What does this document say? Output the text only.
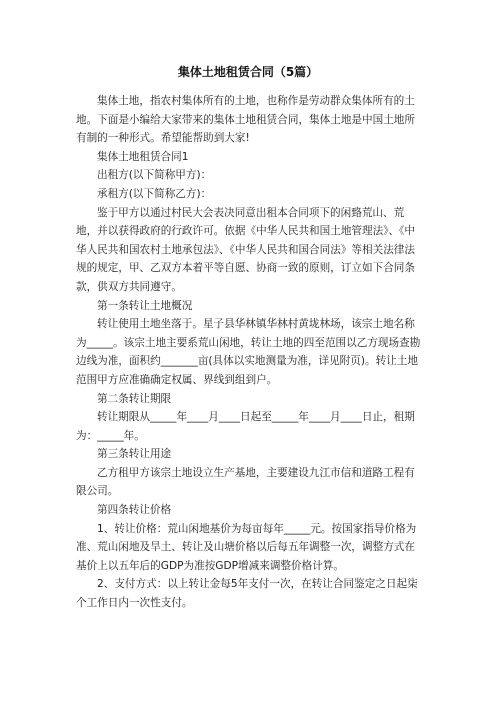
集体土地租赁合同（5篇）

集体土地，指农村集体所有的土地，也称作是劳动群众集体所有的土地。下面是小编给大家带来的集体土地租赁合同，集体土地是中国土地所有制的一种形式。希望能帮助到大家!

集体土地租赁合同1

出租方(以下简称甲方)：

承租方(以下简称乙方)：

鉴于甲方以通过村民大会表决同意出租本合同项下的闲臵荒山、荒地，并以获得政府的行政许可。依据《中华人民共和国土地管理法》、《中华人民共和国农村土地承包法》、《中华人民共和国合同法》等相关法律法规的规定，甲、乙双方本着平等自愿、协商一致的原则，订立如下合同条款，供双方共同遵守。

第一条转让土地概况

转让使用土地坐落于。星子县华林镇华林村黄垅林场，该宗土地名称为_____。该宗土地主要系荒山闲地，转让土地的四至范围以乙方现场查勘边线为准，面积约_______亩(具体以实地测量为准，详见附页)。转让土地范围甲方应准确确定权属、界线到组到户。

第二条转让期限

转让期限从_____年____月____日起至_____年____月____日止，租期为：_____年。

第三条转让用途

乙方租甲方该宗土地设立生产基地，主要建设九江市信和道路工程有限公司。

第四条转让价格

1、转让价格：荒山闲地基价为每亩每年_____元。按国家指导价格为准、荒山闲地及旱土、转让及山塘价格以后每五年调整一次，调整方式在基价上以五年后的GDP为准按GDP增减来调整价格计算。

2、支付方式：以上转让金每5年支付一次，在转让合同鉴定之日起柒个工作日内一次性支付。
